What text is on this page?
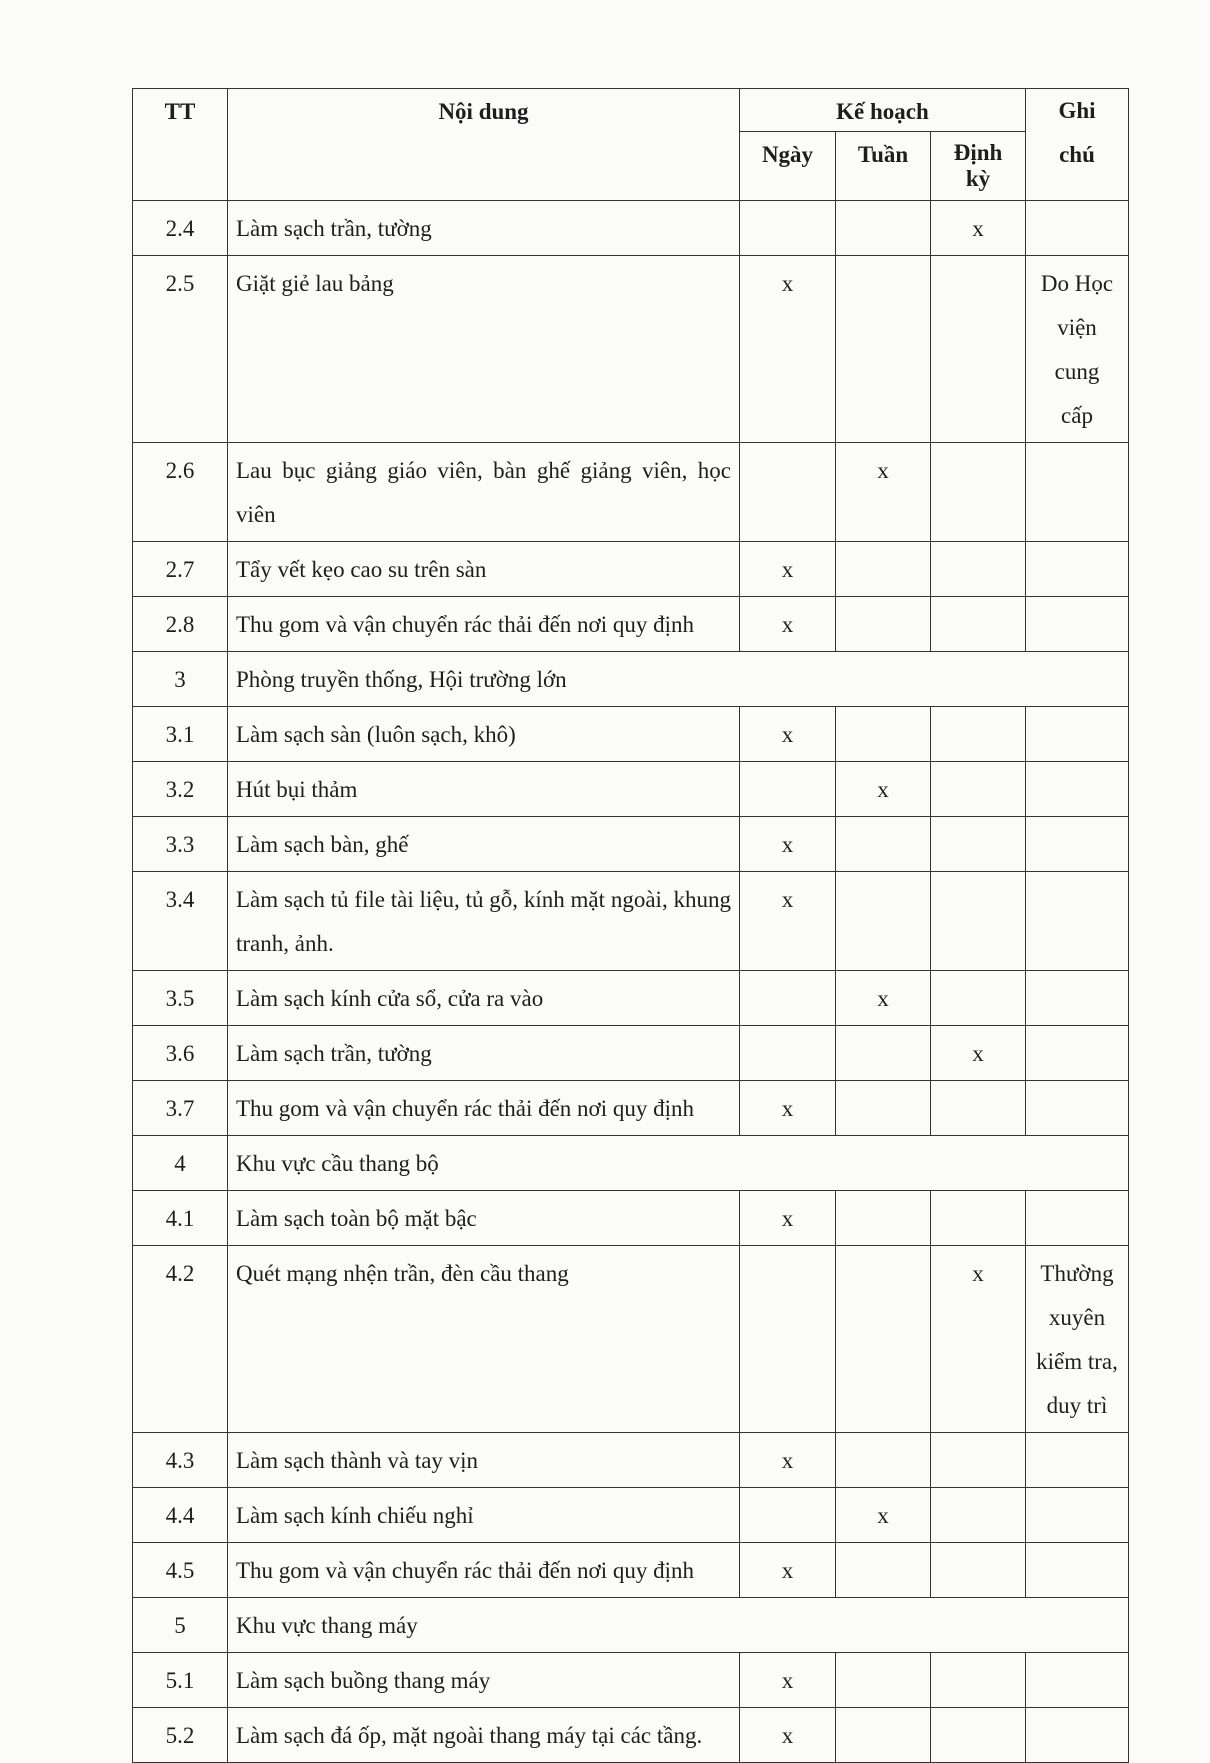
TT	Nội dung	Kế hoạch			Ghi chú
		Ngày	Tuần	Định kỳ	
2.4	Làm sạch trần, tường			x	
2.5	Giặt giẻ lau bảng	x			Do Học viện cung cấp
2.6	Lau bục giảng giáo viên, bàn ghế giảng viên, học viên		x		
2.7	Tẩy vết kẹo cao su trên sàn	x			
2.8	Thu gom và vận chuyển rác thải đến nơi quy định	x			
3	Phòng truyền thống, Hội trường lớn				
3.1	Làm sạch sàn (luôn sạch, khô)	x			
3.2	Hút bụi thảm		x		
3.3	Làm sạch bàn, ghế	x			
3.4	Làm sạch tủ file tài liệu, tủ gỗ, kính mặt ngoài, khung tranh, ảnh.	x			
3.5	Làm sạch kính cửa sổ, cửa ra vào		x		
3.6	Làm sạch trần, tường			x	
3.7	Thu gom và vận chuyển rác thải đến nơi quy định	x			
4	Khu vực cầu thang bộ				
4.1	Làm sạch toàn bộ mặt bậc	x			
4.2	Quét mạng nhện trần, đèn cầu thang			x	Thường xuyên kiểm tra, duy trì
4.3	Làm sạch thành và tay vịn	x			
4.4	Làm sạch kính chiếu nghỉ		x		
4.5	Thu gom và vận chuyển rác thải đến nơi quy định	x			
5	Khu vực thang máy				
5.1	Làm sạch buồng thang máy	x			
5.2	Làm sạch đá ốp, mặt ngoài thang máy tại các tầng.	x			
